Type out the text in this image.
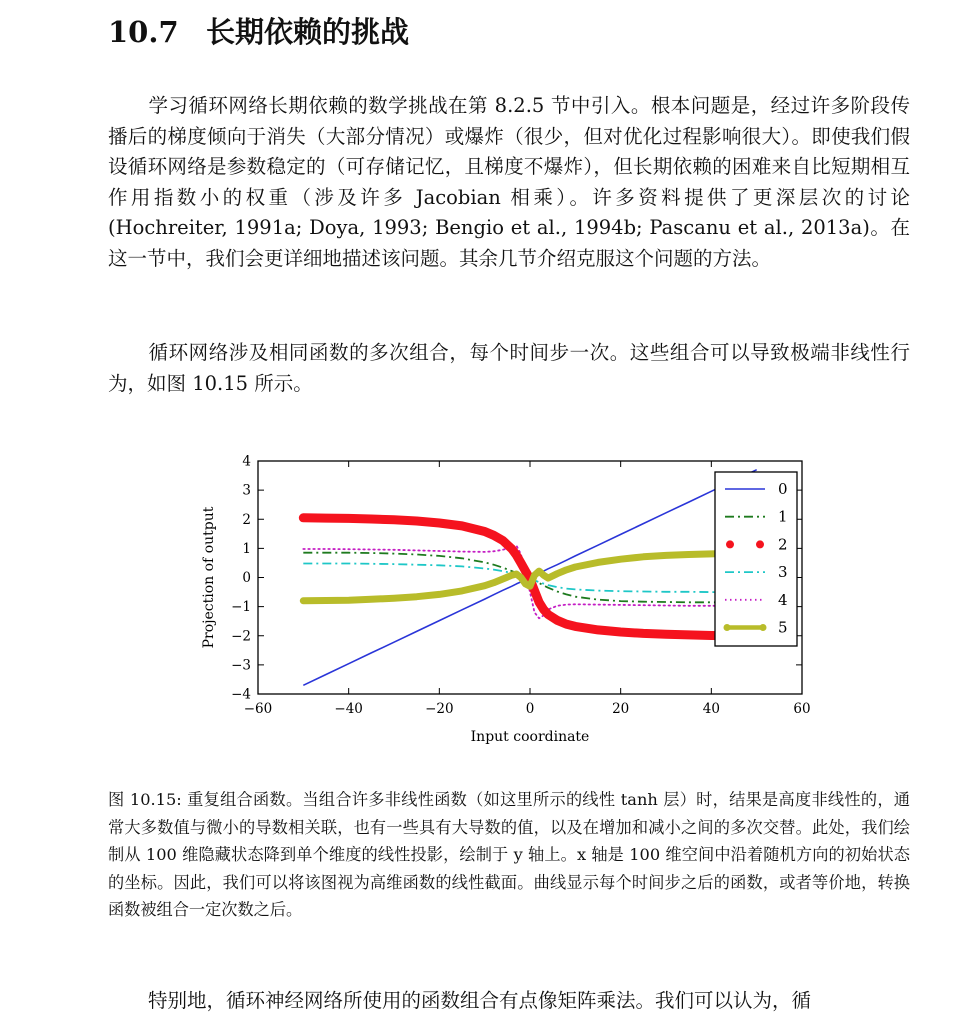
10.7 长期依赖的挑战

学习循环网络长期依赖的数学挑战在第 8.2.5 节中引入。根本问题是，经过许多阶段传播后的梯度倾向于消失（大部分情况）或爆炸（很少，但对优化过程影响很大）。即使我们假设循环网络是参数稳定的（可存储记忆，且梯度不爆炸），但长期依赖的困难来自比短期相互作用指数小的权重（涉及许多 Jacobian 相乘）。许多资料提供了更深层次的讨论 (Hochreiter, 1991a; Doya, 1993; Bengio et al., 1994b; Pascanu et al., 2013a)。在这一节中，我们会更详细地描述该问题。其余几节介绍克服这个问题的方法。

循环网络涉及相同函数的多次组合，每个时间步一次。这些组合可以导致极端非线性行为，如图 10.15 所示。

−60	−40	−20	0	20	40	60
−4
−3
−2
−1
0
1
2
3
4
Input coordinate
Projection of output
0
1
2
3
4
5

图 10.15: 重复组合函数。当组合许多非线性函数（如这里所示的线性 tanh 层）时，结果是高度非线性的，通常大多数值与微小的导数相关联，也有一些具有大导数的值，以及在增加和减小之间的多次交替。此处，我们绘制从 100 维隐藏状态降到单个维度的线性投影，绘制于 y 轴上。x 轴是 100 维空间中沿着随机方向的初始状态的坐标。因此，我们可以将该图视为高维函数的线性截面。曲线显示每个时间步之后的函数，或者等价地，转换函数被组合一定次数之后。

特别地，循环神经网络所使用的函数组合有点像矩阵乘法。我们可以认为，循
